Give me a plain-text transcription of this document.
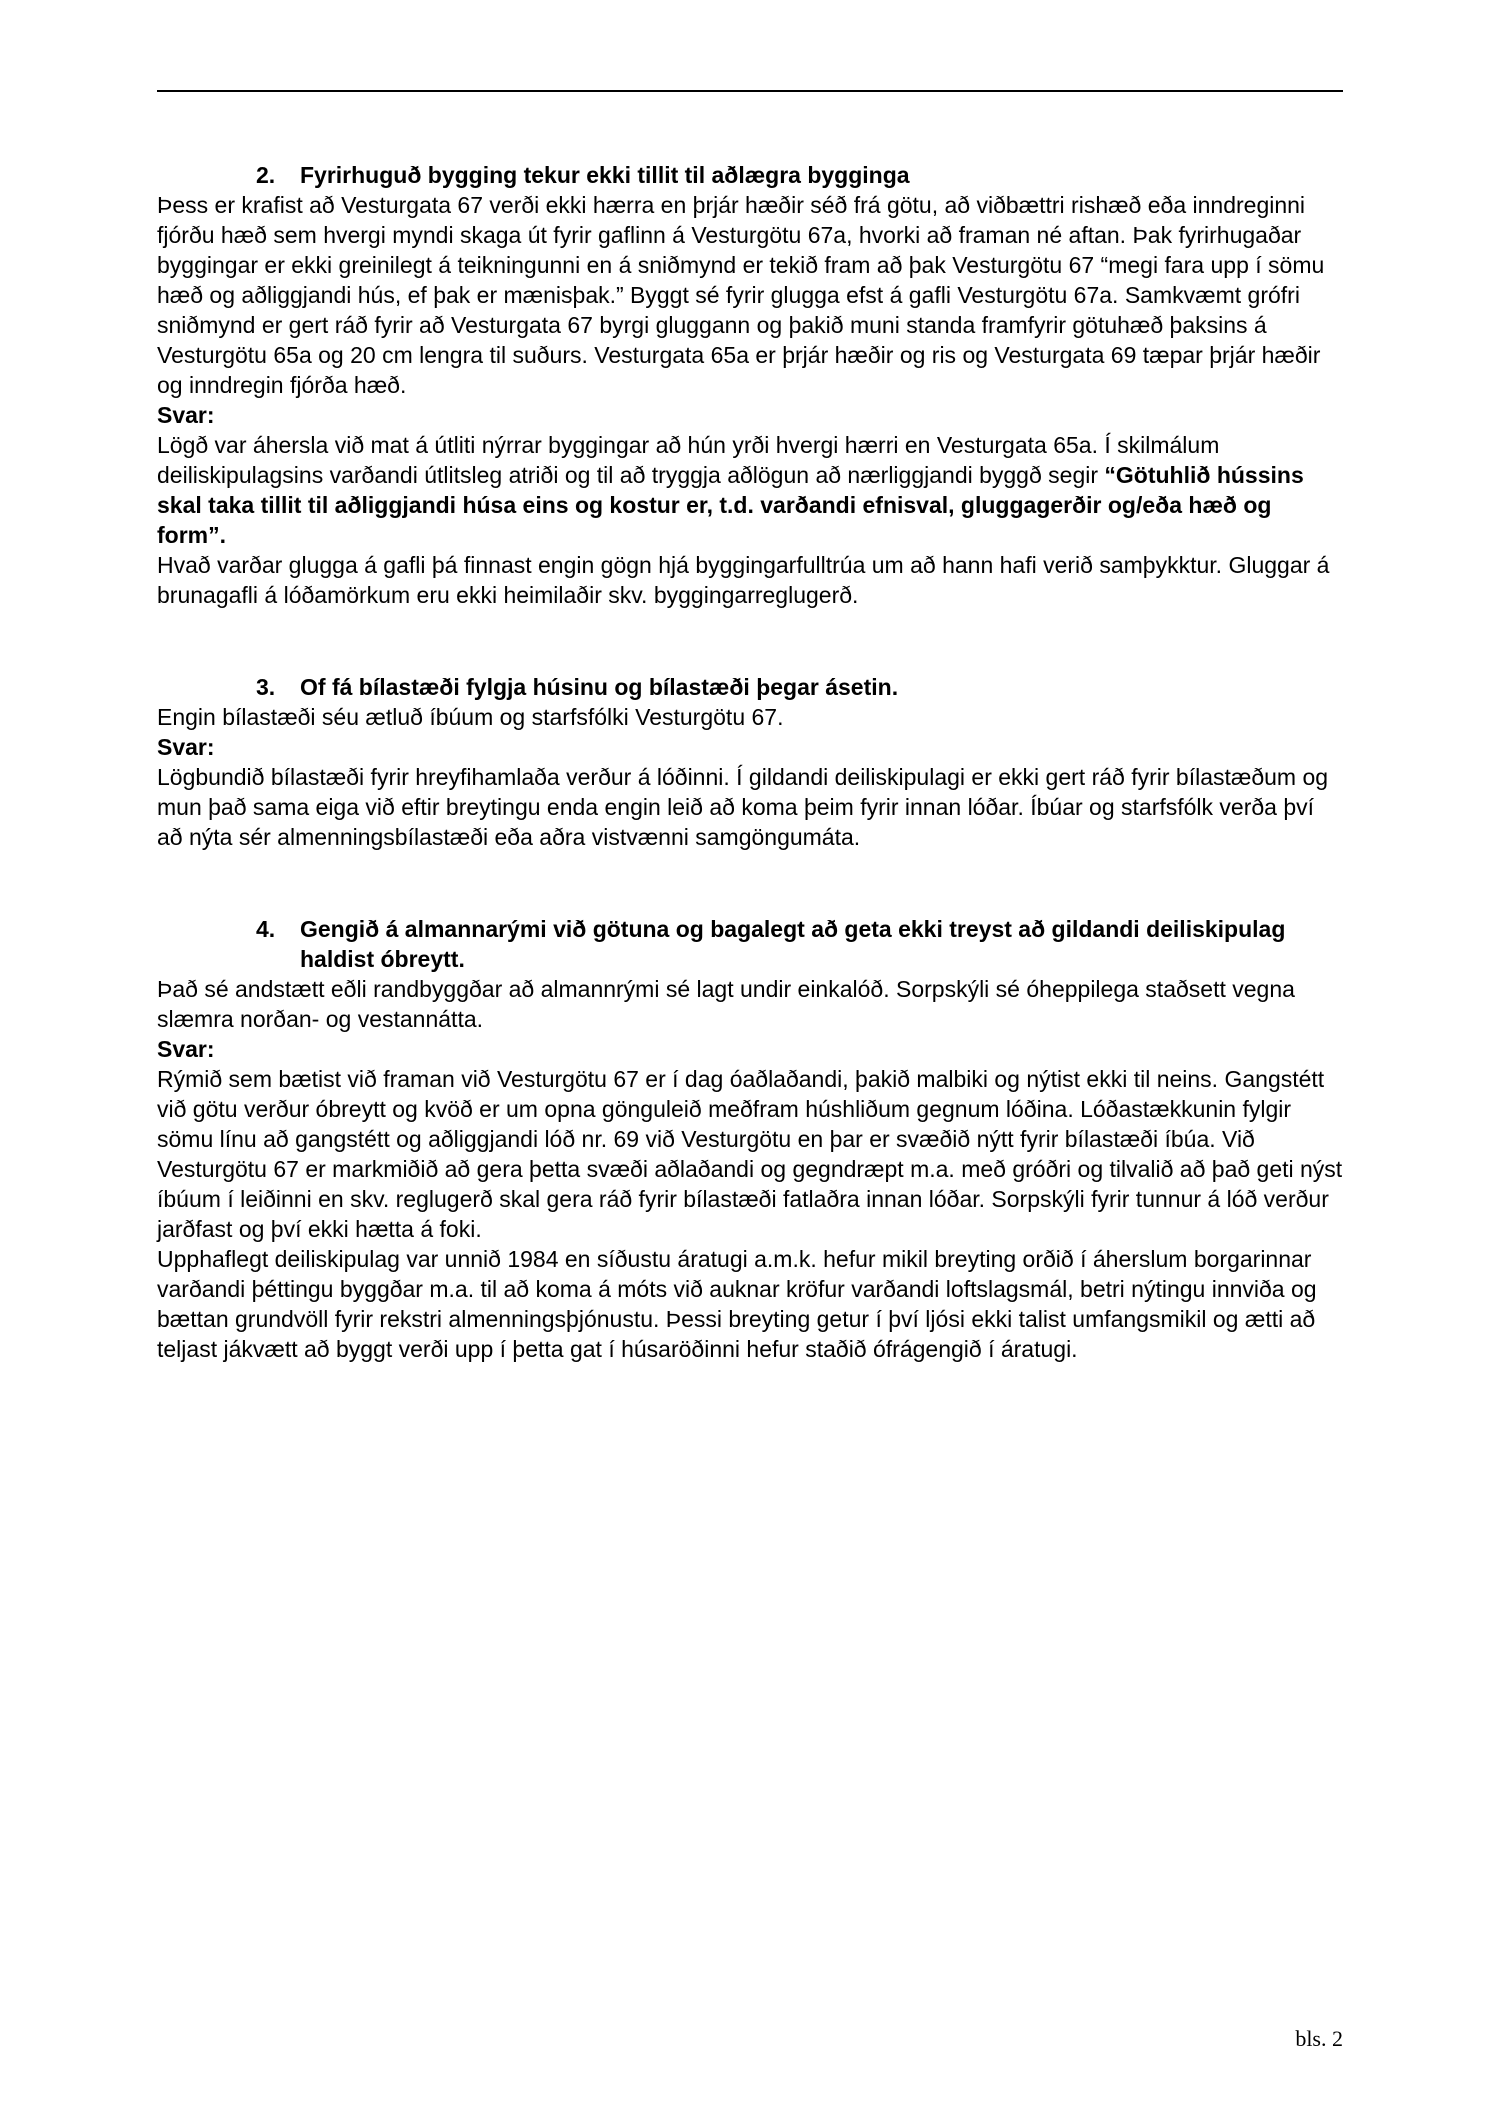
2.	Fyrirhuguð bygging tekur ekki tillit til aðlægra bygginga

Þess er krafist að Vesturgata 67 verði ekki hærra en þrjár hæðir séð frá götu, að viðbættri rishæð eða inndreginni fjórðu hæð sem hvergi myndi skaga út fyrir gaflinn á Vesturgötu 67a, hvorki að framan né aftan. Þak fyrirhugaðar byggingar er ekki greinilegt á teikningunni en á sniðmynd er tekið fram að þak Vesturgötu 67 “megi fara upp í sömu hæð og aðliggjandi hús, ef þak er mænisþak.” Byggt sé fyrir glugga efst á gafli Vesturgötu 67a. Samkvæmt grófri sniðmynd er gert ráð fyrir að Vesturgata 67 byrgi gluggann og þakið muni standa framfyrir götuhæð þaksins á Vesturgötu 65a og 20 cm lengra til suðurs. Vesturgata 65a er þrjár hæðir og ris og Vesturgata 69 tæpar þrjár hæðir og inndregin fjórða hæð.

Svar:

Lögð var áhersla við mat á útliti nýrrar byggingar að hún yrði hvergi hærri en Vesturgata 65a. Í skilmálum deiliskipulagsins varðandi útlitsleg atriði og til að tryggja aðlögun að nærliggjandi byggð segir “Götuhlið hússins skal taka tillit til aðliggjandi húsa eins og kostur er, t.d. varðandi efnisval, gluggagerðir og/eða hæð og form”.

Hvað varðar glugga á gafli þá finnast engin gögn hjá byggingarfulltrúa um að hann hafi verið samþykktur. Gluggar á brunagafli á lóðamörkum eru ekki heimilaðir skv. byggingarreglugerð.

3.	Of fá bílastæði fylgja húsinu og bílastæði þegar ásetin.

Engin bílastæði séu ætluð íbúum og starfsfólki Vesturgötu 67.

Svar:

Lögbundið bílastæði fyrir hreyfihamlaða verður á lóðinni. Í gildandi deiliskipulagi er ekki gert ráð fyrir bílastæðum og mun það sama eiga við eftir breytingu enda engin leið að koma þeim fyrir innan lóðar. Íbúar og starfsfólk verða því að nýta sér almenningsbílastæði eða aðra vistvænni samgöngumáta.

4.	Gengið á almannarými við götuna og bagalegt að geta ekki treyst að gildandi deiliskipulag haldist óbreytt.

Það sé andstætt eðli randbyggðar að almannrými sé lagt undir einkalóð. Sorpskýli sé óheppilega staðsett vegna slæmra norðan- og vestannátta.

Svar:

Rýmið sem bætist við framan við Vesturgötu 67 er í dag óaðlaðandi, þakið malbiki og nýtist ekki til neins. Gangstétt við götu verður óbreytt og kvöð er um opna gönguleið meðfram húshliðum gegnum lóðina. Lóðastækkunin fylgir sömu línu að gangstétt og aðliggjandi lóð nr. 69 við Vesturgötu en þar er svæðið nýtt fyrir bílastæði íbúa. Við Vesturgötu 67 er markmiðið að gera þetta svæði aðlaðandi og gegndræpt m.a. með gróðri og tilvalið að það geti nýst íbúum í leiðinni en skv. reglugerð skal gera ráð fyrir bílastæði fatlaðra innan lóðar. Sorpskýli fyrir tunnur á lóð verður jarðfast og því ekki hætta á foki.

Upphaflegt deiliskipulag var unnið 1984 en síðustu áratugi a.m.k. hefur mikil breyting orðið í áherslum borgarinnar varðandi þéttingu byggðar m.a. til að koma á móts við auknar kröfur varðandi loftslagsmál, betri nýtingu innviða og bættan grundvöll fyrir rekstri almenningsþjónustu. Þessi breyting getur í því ljósi ekki talist umfangsmikil og ætti að teljast jákvætt að byggt verði upp í þetta gat í húsaröðinni hefur staðið ófrágengið í áratugi.

bls. 2
